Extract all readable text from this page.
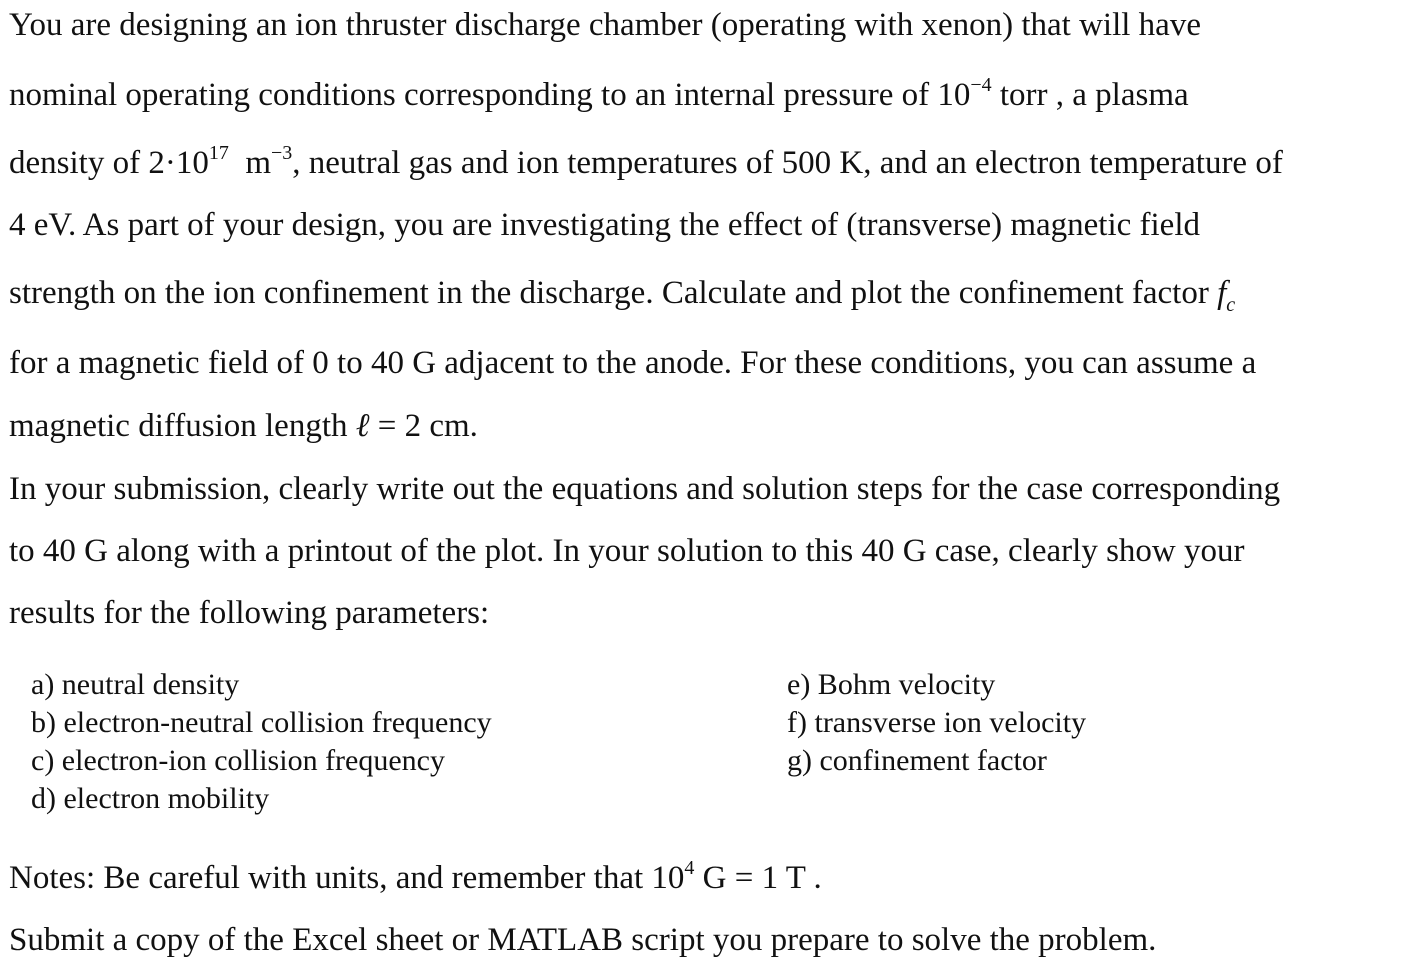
You are designing an ion thruster discharge chamber (operating with xenon) that will have

nominal operating conditions corresponding to an internal pressure of $10^{-4}$ torr , a plasma

density of $2\cdot 10^{17}$ $m^{-3}$, neutral gas and ion temperatures of 500 K, and an electron temperature of

4 eV. As part of your design, you are investigating the effect of (transverse) magnetic field

strength on the ion confinement in the discharge. Calculate and plot the confinement factor $f_c$

for a magnetic field of 0 to 40 G adjacent to the anode. For these conditions, you can assume a

magnetic diffusion length ℓ = 2 cm.

In your submission, clearly write out the equations and solution steps for the case corresponding

to 40 G along with a printout of the plot. In your solution to this 40 G case, clearly show your

results for the following parameters:

a) neutral density
b) electron-neutral collision frequency
c) electron-ion collision frequency
d) electron mobility
e) Bohm velocity
f) transverse ion velocity
g) confinement factor

Notes: Be careful with units, and remember that $10^4$ G = 1 T .

Submit a copy of the Excel sheet or MATLAB script you prepare to solve the problem.
